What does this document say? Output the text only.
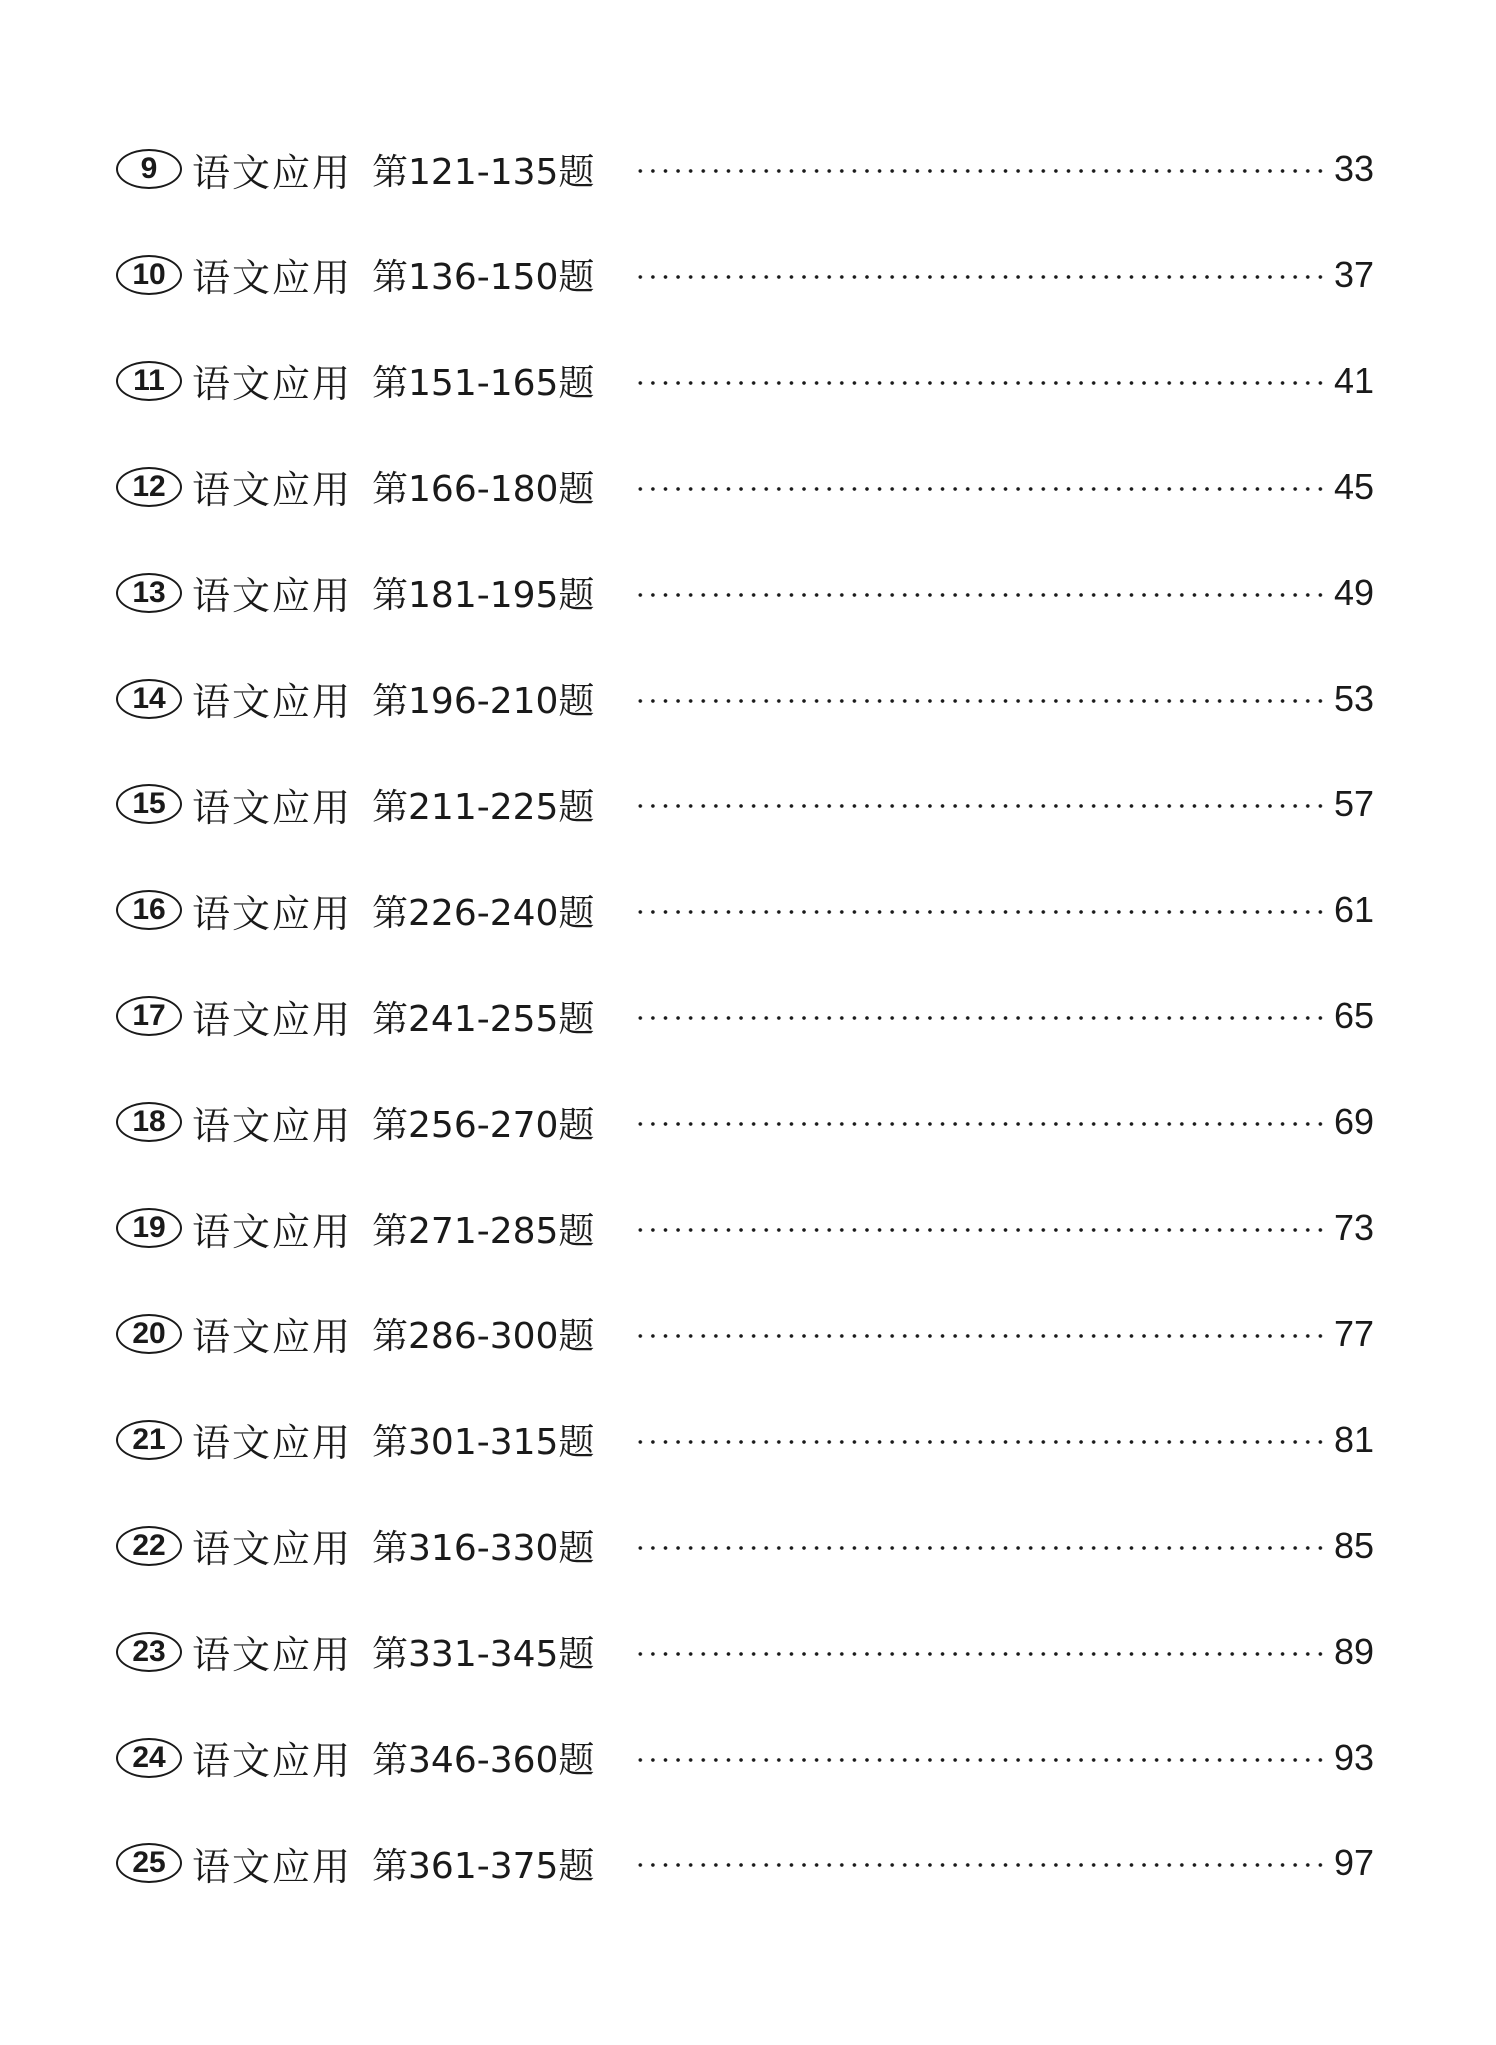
9 语文应用 第121-135题	33
10 语文应用 第136-150题	37
11 语文应用 第151-165题	41
12 语文应用 第166-180题	45
13 语文应用 第181-195题	49
14 语文应用 第196-210题	53
15 语文应用 第211-225题	57
16 语文应用 第226-240题	61
17 语文应用 第241-255题	65
18 语文应用 第256-270题	69
19 语文应用 第271-285题	73
20 语文应用 第286-300题	77
21 语文应用 第301-315题	81
22 语文应用 第316-330题	85
23 语文应用 第331-345题	89
24 语文应用 第346-360题	93
25 语文应用 第361-375题	97
